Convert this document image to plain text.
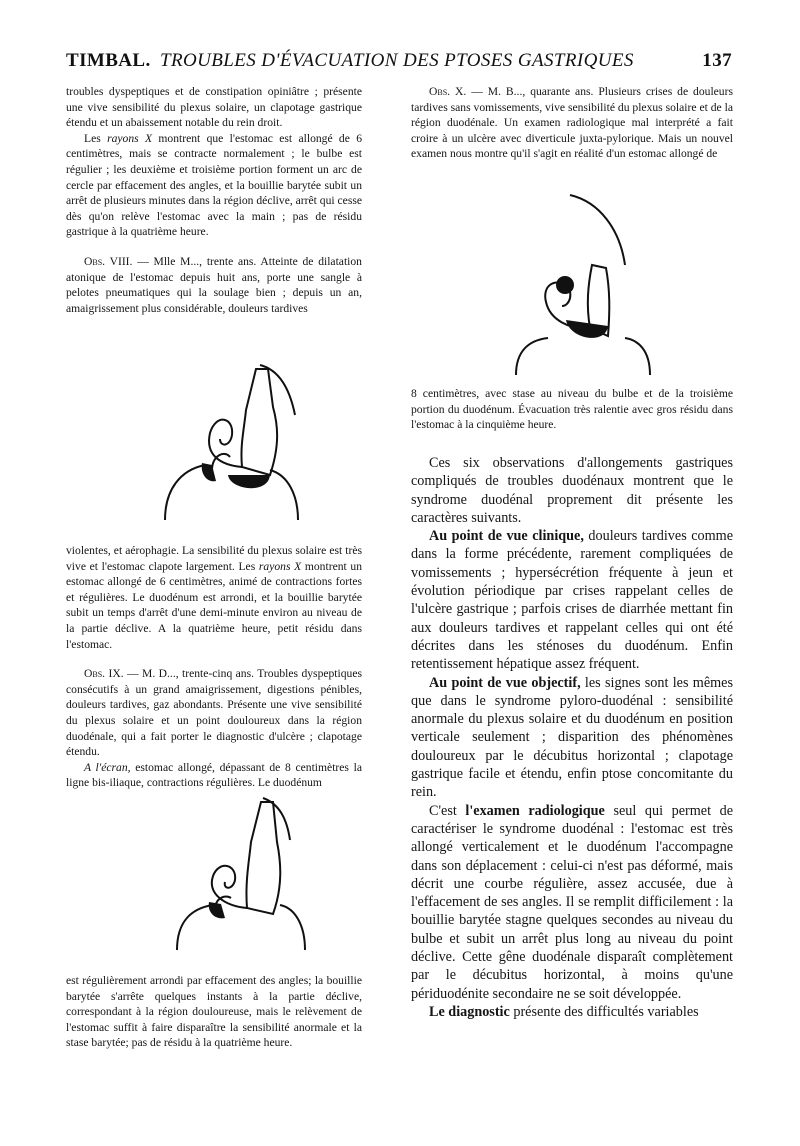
TIMBAL. TROUBLES D'ÉVACUATION DES PTOSES GASTRIQUES	137

troubles dyspeptiques et de constipation opiniâtre ; présente une vive sensibilité du plexus solaire, un clapotage gastrique étendu et un abaissement notable du rein droit.

Les rayons X montrent que l'estomac est allongé de 6 centimètres, mais se contracte normalement ; le bulbe est régulier ; les deuxième et troisième portion forment un arc de cercle par effacement des angles, et la bouillie barytée subit un arrêt de plusieurs minutes dans la région déclive, arrêt qui cesse dès qu'on relève l'estomac avec la main ; pas de résidu gastrique à la quatrième heure.

Obs. VIII. — Mlle M..., trente ans. Atteinte de dilatation atonique de l'estomac depuis huit ans, porte une sangle à pelotes pneumatiques qui la soulage bien ; depuis un an, amaigrissement plus considérable, douleurs tardives

violentes, et aérophagie. La sensibilité du plexus solaire est très vive et l'estomac clapote largement. Les rayons X montrent un estomac allongé de 6 centimètres, animé de contractions fortes et régulières. Le duodénum est arrondi, et la bouillie barytée subit un temps d'arrêt d'une demi-minute environ au niveau de la partie déclive. A la quatrième heure, petit résidu dans l'estomac.

Obs. IX. — M. D..., trente-cinq ans. Troubles dyspeptiques consécutifs à un grand amaigrissement, digestions pénibles, douleurs tardives, gaz abondants. Présente une vive sensibilité du plexus solaire et un point douloureux dans la région duodénale, qui a fait porter le diagnostic d'ulcère ; clapotage étendu.

A l'écran, estomac allongé, dépassant de 8 centimètres la ligne bis-iliaque, contractions régulières. Le duodénum

est régulièrement arrondi par effacement des angles; la bouillie barytée s'arrête quelques instants à la partie déclive, correspondant à la région douloureuse, mais le relèvement de l'estomac suffit à faire disparaître la sensibilité anormale et la stase barytée; pas de résidu à la quatrième heure.

Obs. X. — M. B..., quarante ans. Plusieurs crises de douleurs tardives sans vomissements, vive sensibilité du plexus solaire et de la région duodénale. Un examen radiologique mal interprété a fait croire à un ulcère avec diverticule juxta-pylorique. Mais un nouvel examen nous montre qu'il s'agit en réalité d'un estomac allongé de

8 centimètres, avec stase au niveau du bulbe et de la troisième portion du duodénum. Évacuation très ralentie avec gros résidu dans l'estomac à la cinquième heure.

Ces six observations d'allongements gastriques compliqués de troubles duodénaux montrent que le syndrome duodénal proprement dit présente les caractères suivants.

Au point de vue clinique, douleurs tardives comme dans la forme précédente, rarement compliquées de vomissements ; hypersécrétion fréquente à jeun et évolution périodique par crises rappelant celles de l'ulcère gastrique ; parfois crises de diarrhée mettant fin aux douleurs tardives et rappelant celles qui ont été décrites dans les sténoses du duodénum. Enfin retentissement hépatique assez fréquent.

Au point de vue objectif, les signes sont les mêmes que dans le syndrome pyloro-duodénal : sensibilité anormale du plexus solaire et du duodénum en position verticale seulement ; disparition des phénomènes douloureux par le décubitus horizontal ; clapotage gastrique facile et étendu, enfin ptose concomitante du rein.

C'est l'examen radiologique seul qui permet de caractériser le syndrome duodénal : l'estomac est très allongé verticalement et le duodénum l'accompagne dans son déplacement : celui-ci n'est pas déformé, mais décrit une courbe régulière, assez accusée, due à l'effacement de ses angles. Il se remplit difficilement : la bouillie barytée stagne quelques secondes au niveau du bulbe et subit un arrêt plus long au niveau du point déclive. Cette gêne duodénale disparaît complètement par le décubitus horizontal, à moins qu'une périduodénite secondaire ne se soit développée.

Le diagnostic présente des difficultés variables
